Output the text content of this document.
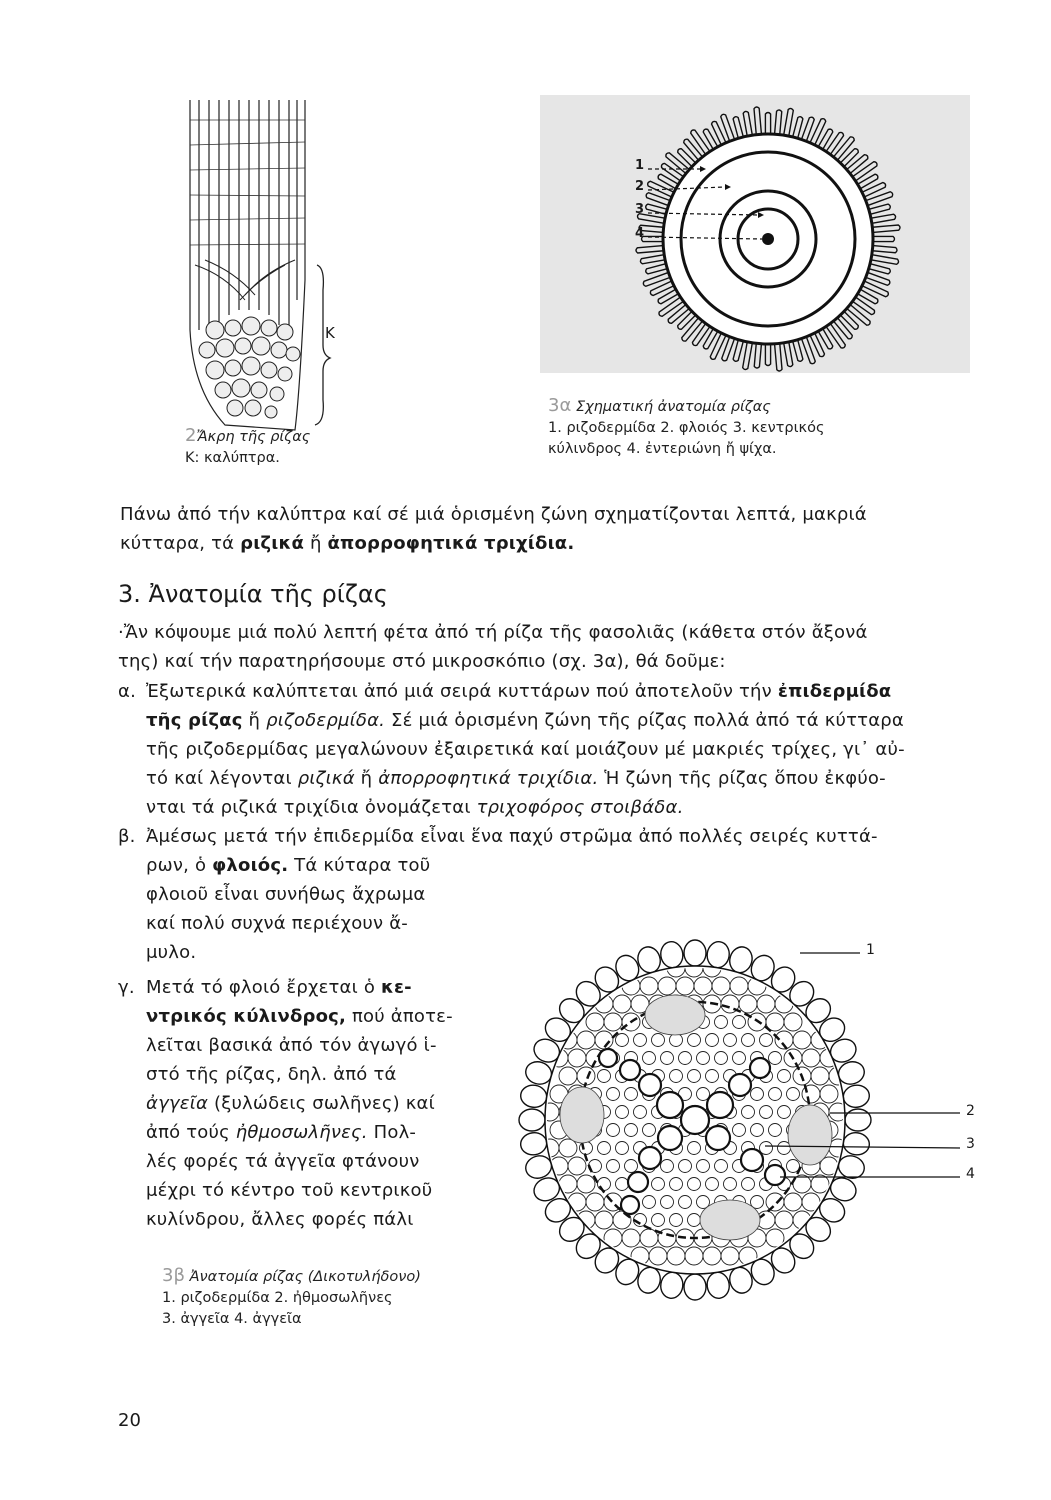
K
2Ἄκρη τῆς ρίζας
Κ: καλύπτρα.
1
2
3
4
3α Σχηματική ἀνατομία ρίζας
1. ριζοδερμίδα 2. φλοιός 3. κεντρικός
κύλινδρος 4. ἐντεριώνη ἤ ψίχα.
Πάνω ἀπό τήν καλύπτρα καί σέ μιά ὁρισμένη ζώνη σχηματίζονται λεπτά, μακριά
κύτταρα, τά ριζικά ἤ ἀπορροφητικά τριχίδια.
3. Ἀνατομία τῆς ρίζας
·Ἄν κόψουμε μιά πολύ λεπτή φέτα ἀπό τή ρίζα τῆς φασολιᾶς (κάθετα στόν ἄξονά
της) καί τήν παρατηρήσουμε στό μικροσκόπιο (σχ. 3α), θά δοῦμε:
α. Ἐξωτερικά καλύπτεται ἀπό μιά σειρά κυττάρων πού ἀποτελοῦν τήν ἐπιδερμίδα
τῆς ρίζας ἤ ριζοδερμίδα. Σέ μιά ὁρισμένη ζώνη τῆς ρίζας πολλά ἀπό τά κύτταρα
τῆς ριζοδερμίδας μεγαλώνουν ἐξαιρετικά καί μοιάζουν μέ μακριές τρίχες, γι᾿ αὐ-
τό καί λέγονται ριζικά ἤ ἀπορροφητικά τριχίδια. Ἡ ζώνη τῆς ρίζας ὅπου ἐκφύο-
νται τά ριζικά τριχίδια ὀνομάζεται τριχοφόρος στοιβάδα.
β. Ἀμέσως μετά τήν ἐπιδερμίδα εἶναι ἕνα παχύ στρῶμα ἀπό πολλές σειρές κυττά-
ρων, ὁ φλοιός. Τά κύταρα τοῦ
φλοιοῦ εἶναι συνήθως ἄχρωμα
καί πολύ συχνά περιέχουν ἄ-
μυλο.
γ. Μετά τό φλοιό ἔρχεται ὁ κε-
ντρικός κύλινδρος, πού ἀποτε-
λεῖται βασικά ἀπό τόν ἀγωγό ἱ-
στό τῆς ρίζας, δηλ. ἀπό τά
ἀγγεῖα (ξυλώδεις σωλῆνες) καί
ἀπό τούς ἠθμοσωλῆνες. Πολ-
λές φορές τά ἀγγεῖα φτάνουν
μέχρι τό κέντρο τοῦ κεντρικοῦ
κυλίνδρου, ἄλλες φορές πάλι
1
2
3
4
3β Ἀνατομία ρίζας (Δικοτυλήδονο)
1. ριζοδερμίδα 2. ἠθμοσωλῆνες
3. ἀγγεῖα 4. ἀγγεῖα
20
